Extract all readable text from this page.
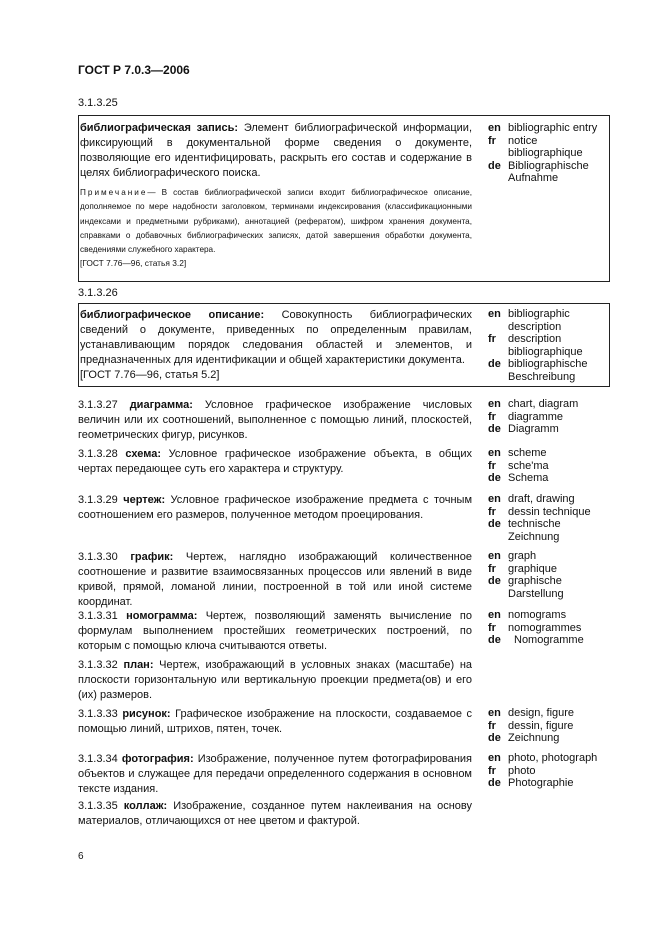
ГОСТ Р 7.0.3—2006
3.1.3.25
библиографическая запись: Элемент библиографической информации, фиксирующий в документальной форме сведения о документе, позволяющие его идентифицировать, раскрыть его состав и содержание в целях библиографического поиска.
Примечание— В состав библиографической записи входит библиографическое описание, дополняемое по мере надобности заголовком, терминами индексирования (классификационными индексами и предметными рубриками), аннотацией (рефератом), шифром хранения документа, справками о добавочных библиографических записях, датой завершения обработки документа, сведениями служебного характера.
[ГОСТ 7.76—96, статья 3.2]
en bibliographic entry
fr	notice bibliographique
de Bibliographische Aufnahme
3.1.3.26
библиографическое описание: Совокупность библиографических сведений о документе, приведенных по определенным правилам, устанавливающим порядок следования областей и элементов, и предназначенных для идентификации и общей характеристики документа.
[ГОСТ 7.76—96, статья 5.2]
en bibliographic description
fr	description bibliographique
de bibliographische Beschreibung
3.1.3.27 диаграмма: Условное графическое изображение числовых величин или их соотношений, выполненное с помощью линий, плоскостей, геометрических фигур, рисунков.
en chart, diagram
fr	diagramme
de Diagramm
3.1.3.28 схема: Условное графическое изображение объекта, в общих чертах передающее суть его характера и структуру.
en scheme
fr	sche'ma
de Schema
3.1.3.29 чертеж: Условное графическое изображение предмета с точным соотношением его размеров, полученное методом проецирования.
en draft, drawing
fr	dessin technique
de technische Zeichnung
3.1.3.30 график: Чертеж, наглядно изображающий количественное соотношение и развитие взаимосвязанных процессов или явлений в виде кривой, прямой, ломаной линии, построенной в той или иной системе координат.
en graph
fr	graphique
de graphische Darstellung
3.1.3.31 номограмма: Чертеж, позволяющий заменять вычисление по формулам выполнением простейших геометрических построений, по которым с помощью ключа считываются ответы.
en nomograms
fr	nomogrammes
de	Nomogramme
3.1.3.32 план: Чертеж, изображающий в условных знаках (масштабе) на плоскости горизонтальную или вертикальную проекции предмета(ов) и его (их) размеров.
3.1.3.33 рисунок: Графическое изображение на плоскости, создаваемое с помощью линий, штрихов, пятен, точек.
en design, figure
fr	dessin, figure
de Zeichnung
3.1.3.34 фотография: Изображение, полученное путем фотографирования объектов и служащее для передачи определенного содержания в основном тексте издания.
en photo, photograph
fr	photo
de Photographie
3.1.3.35 коллаж: Изображение, созданное путем наклеивания на основу материалов, отличающихся от нее цветом и фактурой.
6
